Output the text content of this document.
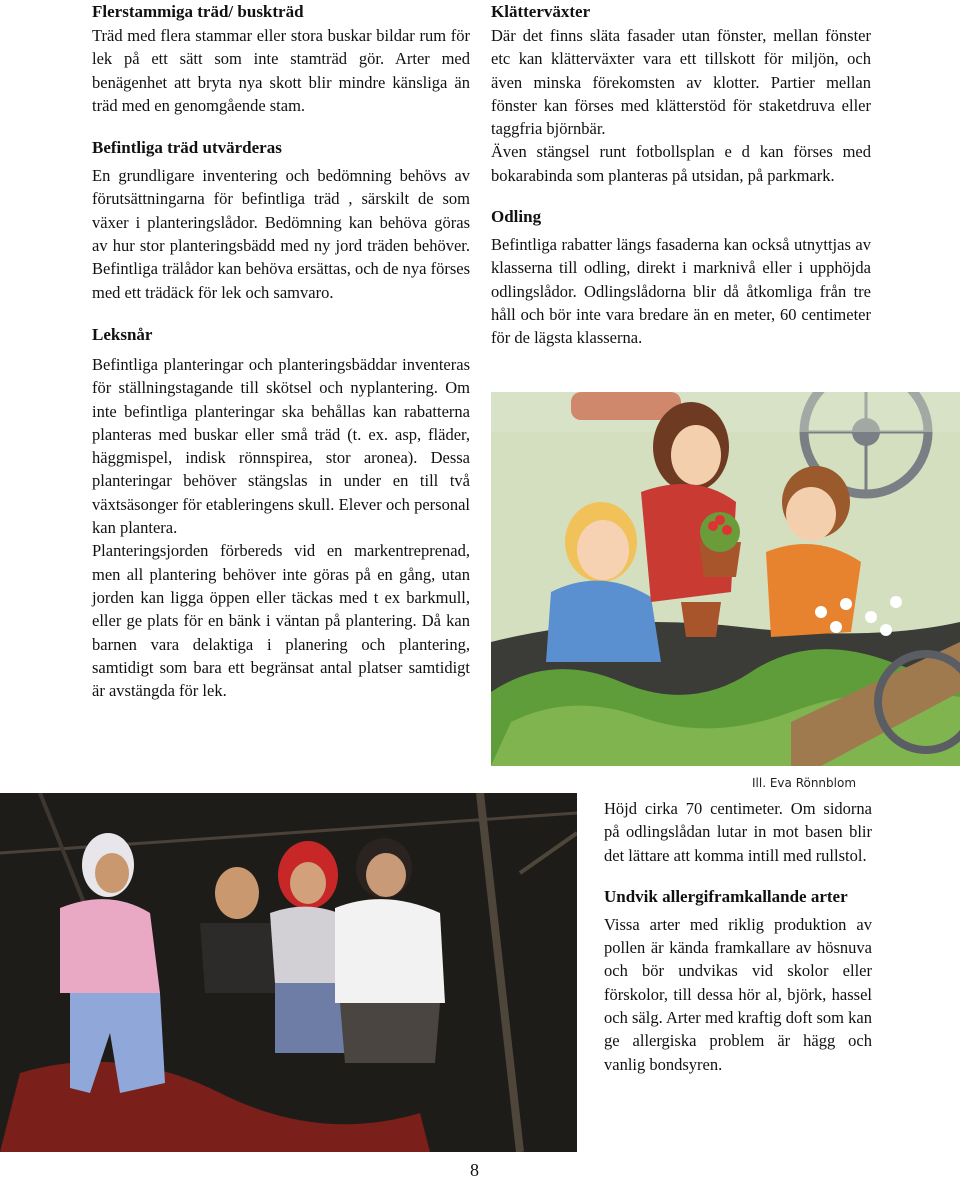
Flerstammiga träd/ buskträd

Träd med flera stammar eller stora buskar bildar rum för lek på ett sätt som inte stamträd gör. Arter med benägenhet att bryta nya skott blir mindre känsliga än träd med en genomgående stam.

Befintliga träd utvärderas

En grundligare inventering och bedömning behövs av förutsättningarna för befintliga träd , särskilt de som växer i planteringslådor. Bedömning kan behöva göras av hur stor planteringsbädd med ny jord träden behöver. Befintliga trälådor kan behöva ersättas, och de nya förses med ett trädäck för lek och samvaro.

Leksnår

Befintliga planteringar och planteringsbäddar inventeras för ställningstagande till skötsel och nyplantering. Om inte befintliga planteringar ska behållas kan rabatterna planteras med buskar eller små träd (t. ex. asp, fläder, häggmispel, indisk rönnspirea, stor aronea). Dessa planteringar behöver stängslas in under en till två växtsäsonger för etableringens skull. Elever och personal kan plantera.

Planteringsjorden förbereds vid en markentreprenad, men all plantering behöver inte göras på en gång, utan jorden kan ligga öppen eller täckas med t ex barkmull, eller ge plats för en bänk i väntan på plantering. Då kan barnen vara delaktiga i planering och plantering, samtidigt som bara ett begränsat antal platser samtidigt är avstängda för lek.

Klätterväxter

Där det finns släta fasader utan fönster, mellan fönster etc kan klätterväxter vara ett tillskott för miljön, och även minska förekomsten av klotter. Partier mellan fönster kan förses med klätterstöd för staketdruva eller taggfria björnbär.

Även stängsel runt fotbollsplan e d kan förses med bokarabinda som planteras på utsidan, på parkmark.

Odling

Befintliga rabatter längs fasaderna kan också utnyttjas av klasserna till odling, direkt i marknivå eller i upphöjda odlingslådor. Odlingslådorna blir då åtkomliga från tre håll och bör inte vara bredare än en meter, 60 centimeter för de lägsta klasserna.

Ill. Eva Rönnblom

Höjd cirka 70 centimeter. Om sidorna på odlingslådan lutar in mot basen blir det lättare att komma intill med rullstol.

Undvik allergiframkallande arter

Vissa arter med riklig produktion av pollen är kända framkallare av hösnuva och bör undvikas vid skolor eller förskolor, till dessa hör al, björk, hassel och sälg. Arter med kraftig doft som kan ge allergiska problem är hägg och vanlig bondsyren.

8
